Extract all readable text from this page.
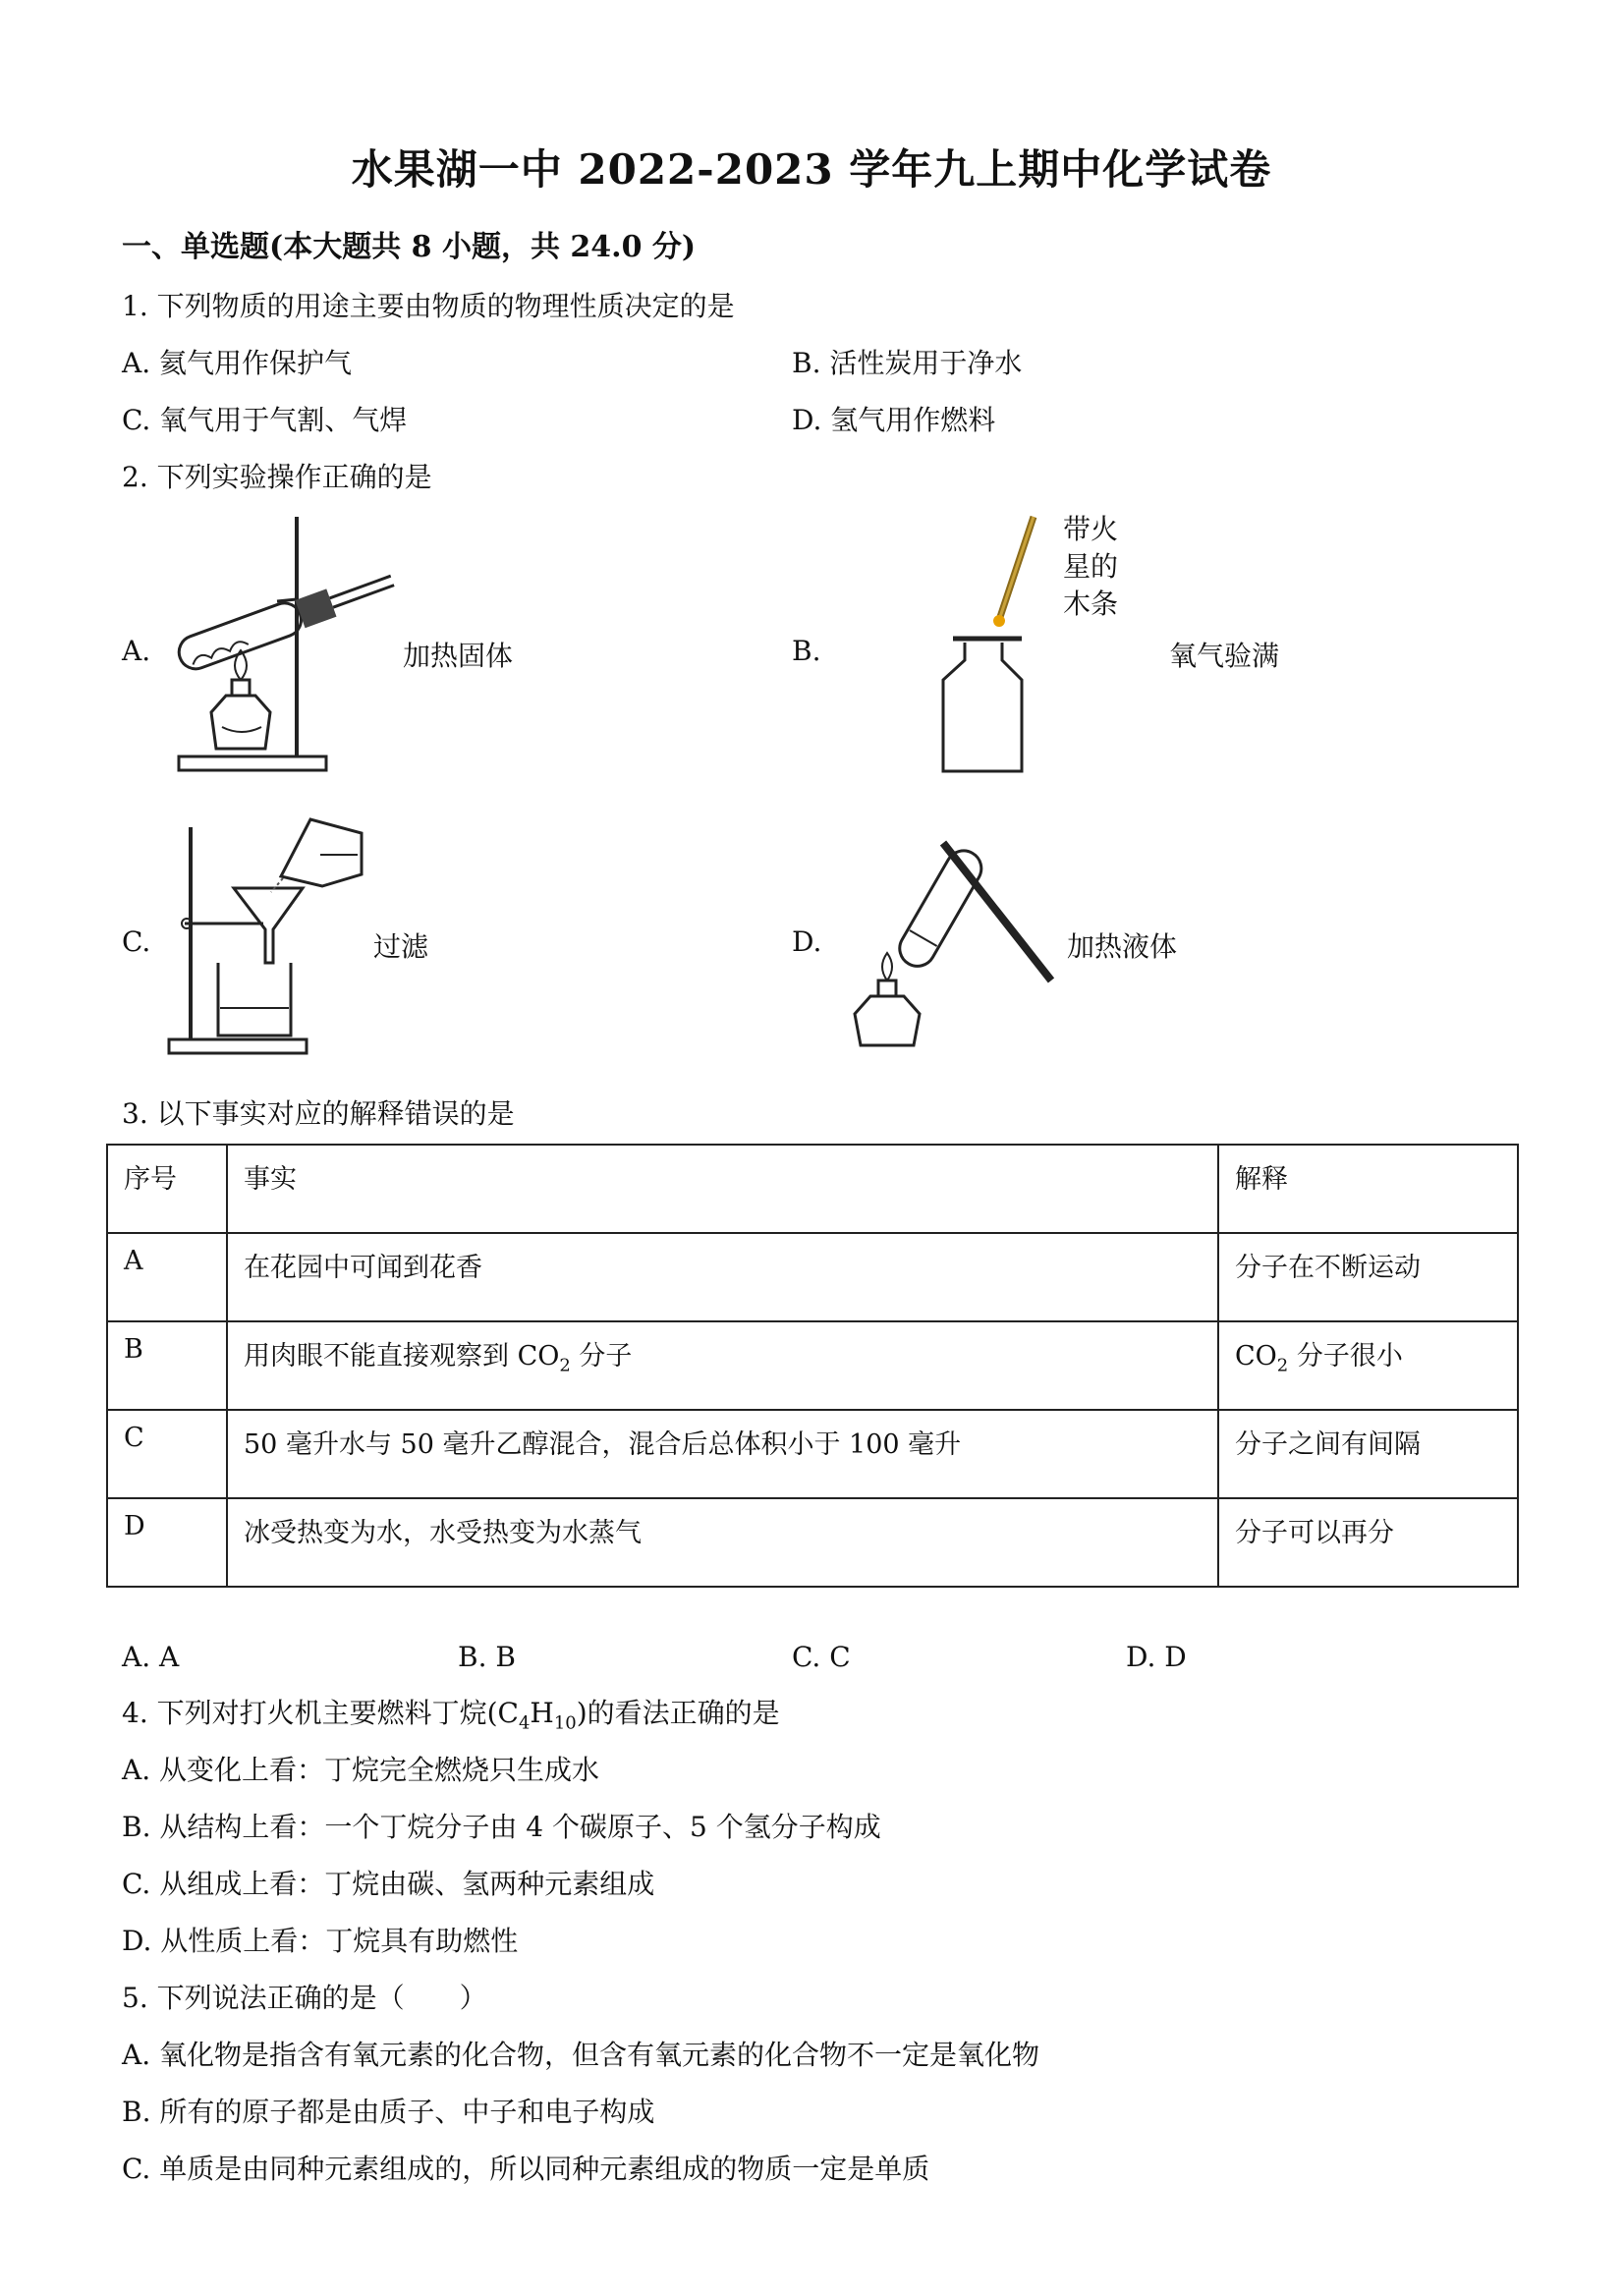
水果湖一中 2022-2023 学年九上期中化学试卷
一、单选题(本大题共 8 小题，共 24.0 分)
1. 下列物质的用途主要由物质的物理性质决定的是
A. 氦气用作保护气	B. 活性炭用于净水
C. 氧气用于气割、气焊	D. 氢气用作燃料
2. 下列实验操作正确的是
A.	加热固体	B.
带火
星的
木条
氧气验满
C.	过滤	D.	加热液体
3. 以下事实对应的解释错误的是
序号	事实	解释
A	在花园中可闻到花香	分子在不断运动
B	用肉眼不能直接观察到 $CO_2$ 分子	$CO_2$ 分子很小
C	50 毫升水与 50 毫升乙醇混合，混合后总体积小于 100 毫升	分子之间有间隔
D	冰受热变为水，水受热变为水蒸气	分子可以再分
A. A	B. B	C. C	D. D
4. 下列对打火机主要燃料丁烷$(C_4H_{10})$的看法正确的是
A. 从变化上看：丁烷完全燃烧只生成水
B. 从结构上看：一个丁烷分子由 4 个碳原子、5 个氢分子构成
C. 从组成上看：丁烷由碳、氢两种元素组成
D. 从性质上看：丁烷具有助燃性
5. 下列说法正确的是（　　）
A. 氧化物是指含有氧元素的化合物，但含有氧元素的化合物不一定是氧化物
B. 所有的原子都是由质子、中子和电子构成
C. 单质是由同种元素组成的，所以同种元素组成的物质一定是单质
